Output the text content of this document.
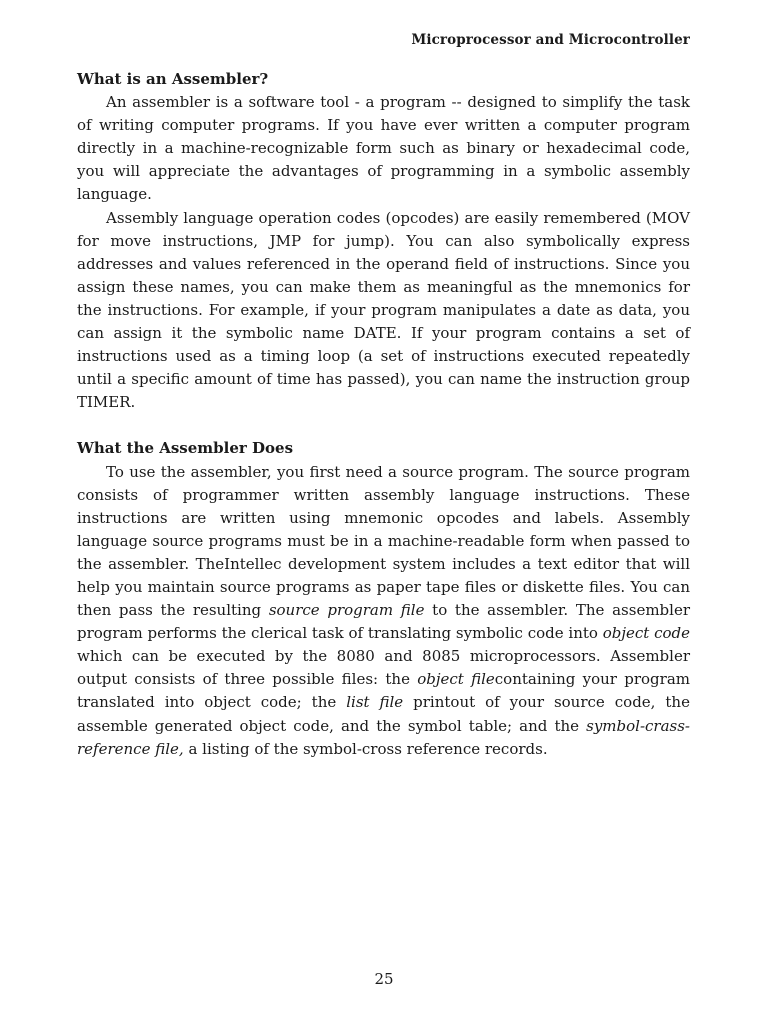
Microprocessor and Microcontroller

What is an Assembler?

An assembler is a software tool - a program -- designed to simplify the task of writing computer programs. If you have ever written a computer program directly in a machine-recognizable form such as binary or hexadecimal code, you will appreciate the advantages of programming in a symbolic assembly language.

Assembly language operation codes (opcodes) are easily remembered (MOV for move instructions, JMP for jump). You can also symbolically express addresses and values referenced in the operand field of instructions. Since you assign these names, you can make them as meaningful as the mnemonics for the instructions. For example, if your program manipulates a date as data, you can assign it the symbolic name DATE. If your program contains a set of instructions used as a timing loop (a set of instructions executed repeatedly until a specific amount of time has passed), you can name the instruction group TIMER.

What the Assembler Does

To use the assembler, you first need a source program. The source program consists of programmer written assembly language instructions. These instructions are written using mnemonic opcodes and labels. Assembly language source programs must be in a machine-readable form when passed to the assembler. TheIntellec development system includes a text editor that will help you maintain source programs as paper tape files or diskette files. You can then pass the resulting source program file to the assembler. The assembler program performs the clerical task of translating symbolic code into object code which can be executed by the 8080 and 8085 microprocessors. Assembler output consists of three possible files: the object filecontaining your program translated into object code; the list file printout of your source code, the assemble generated object code, and the symbol table; and the symbol-crass-reference file, a listing of the symbol-cross reference records.

25
